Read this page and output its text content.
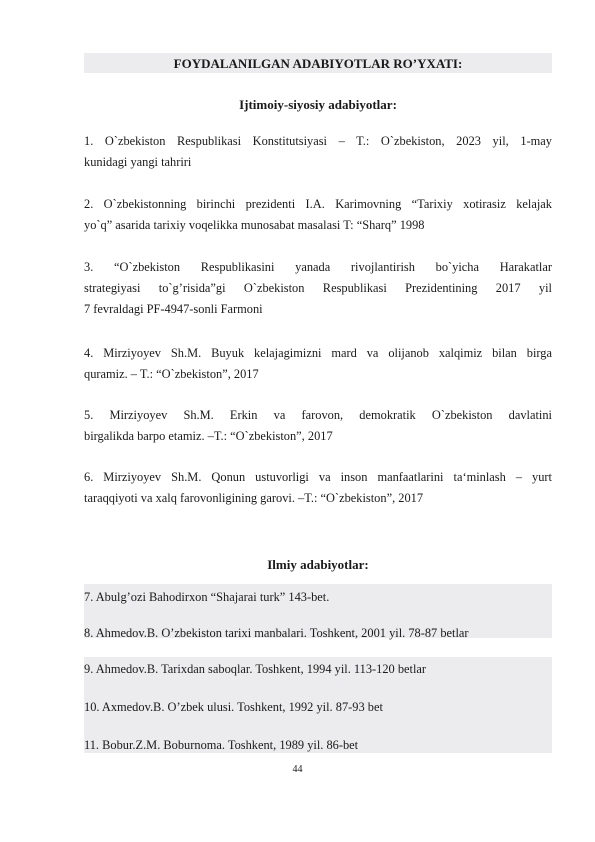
FOYDALANILGAN ADABIYOTLAR RO’YXATI:
Ijtimoiy-siyosiy adabiyotlar:
1. O`zbekiston Respublikasi Konstitutsiyasi – T.: O`zbekiston, 2023 yil, 1-may
kunidagi yangi tahriri
2. O`zbekistonning birinchi prezidenti I.A. Karimovning “Tarixiy xotirasiz kelajak
yo`q” asarida tarixiy voqelikka munosabat masalasi T: “Sharq” 1998
3. “O`zbekiston Respublikasini yanada rivojlantirish bo`yicha Harakatlar
strategiyasi to`g’risida”gi O`zbekiston Respublikasi Prezidentining 2017 yil
7 fevraldagi PF-4947-sonli Farmoni
4. Mirziyoyev Sh.M. Buyuk kelajagimizni mard va olijanob xalqimiz bilan birga
quramiz. – T.: “O`zbekiston”, 2017
5. Mirziyoyev Sh.M. Erkin va farovon, demokratik O`zbekiston davlatini
birgalikda barpo etamiz. –T.: “O`zbekiston”, 2017
6. Mirziyoyev Sh.M. Qonun ustuvorligi va inson manfaatlarini ta‘minlash – yurt
taraqqiyoti va xalq farovonligining garovi. –T.: “O`zbekiston”, 2017
Ilmiy adabiyotlar:
7. Abulg’ozi Bahodirxon “Shajarai turk” 143-bet.
8. Ahmedov.B. O’zbekiston tarixi manbalari. Toshkent, 2001 yil. 78-87 betlar
9. Ahmedov.B. Tarixdan saboqlar. Toshkent, 1994 yil. 113-120 betlar
10. Axmedov.B. O’zbek ulusi. Toshkent, 1992 yil. 87-93 bet
11. Bobur.Z.M. Boburnoma. Toshkent, 1989 yil. 86-bet
44
